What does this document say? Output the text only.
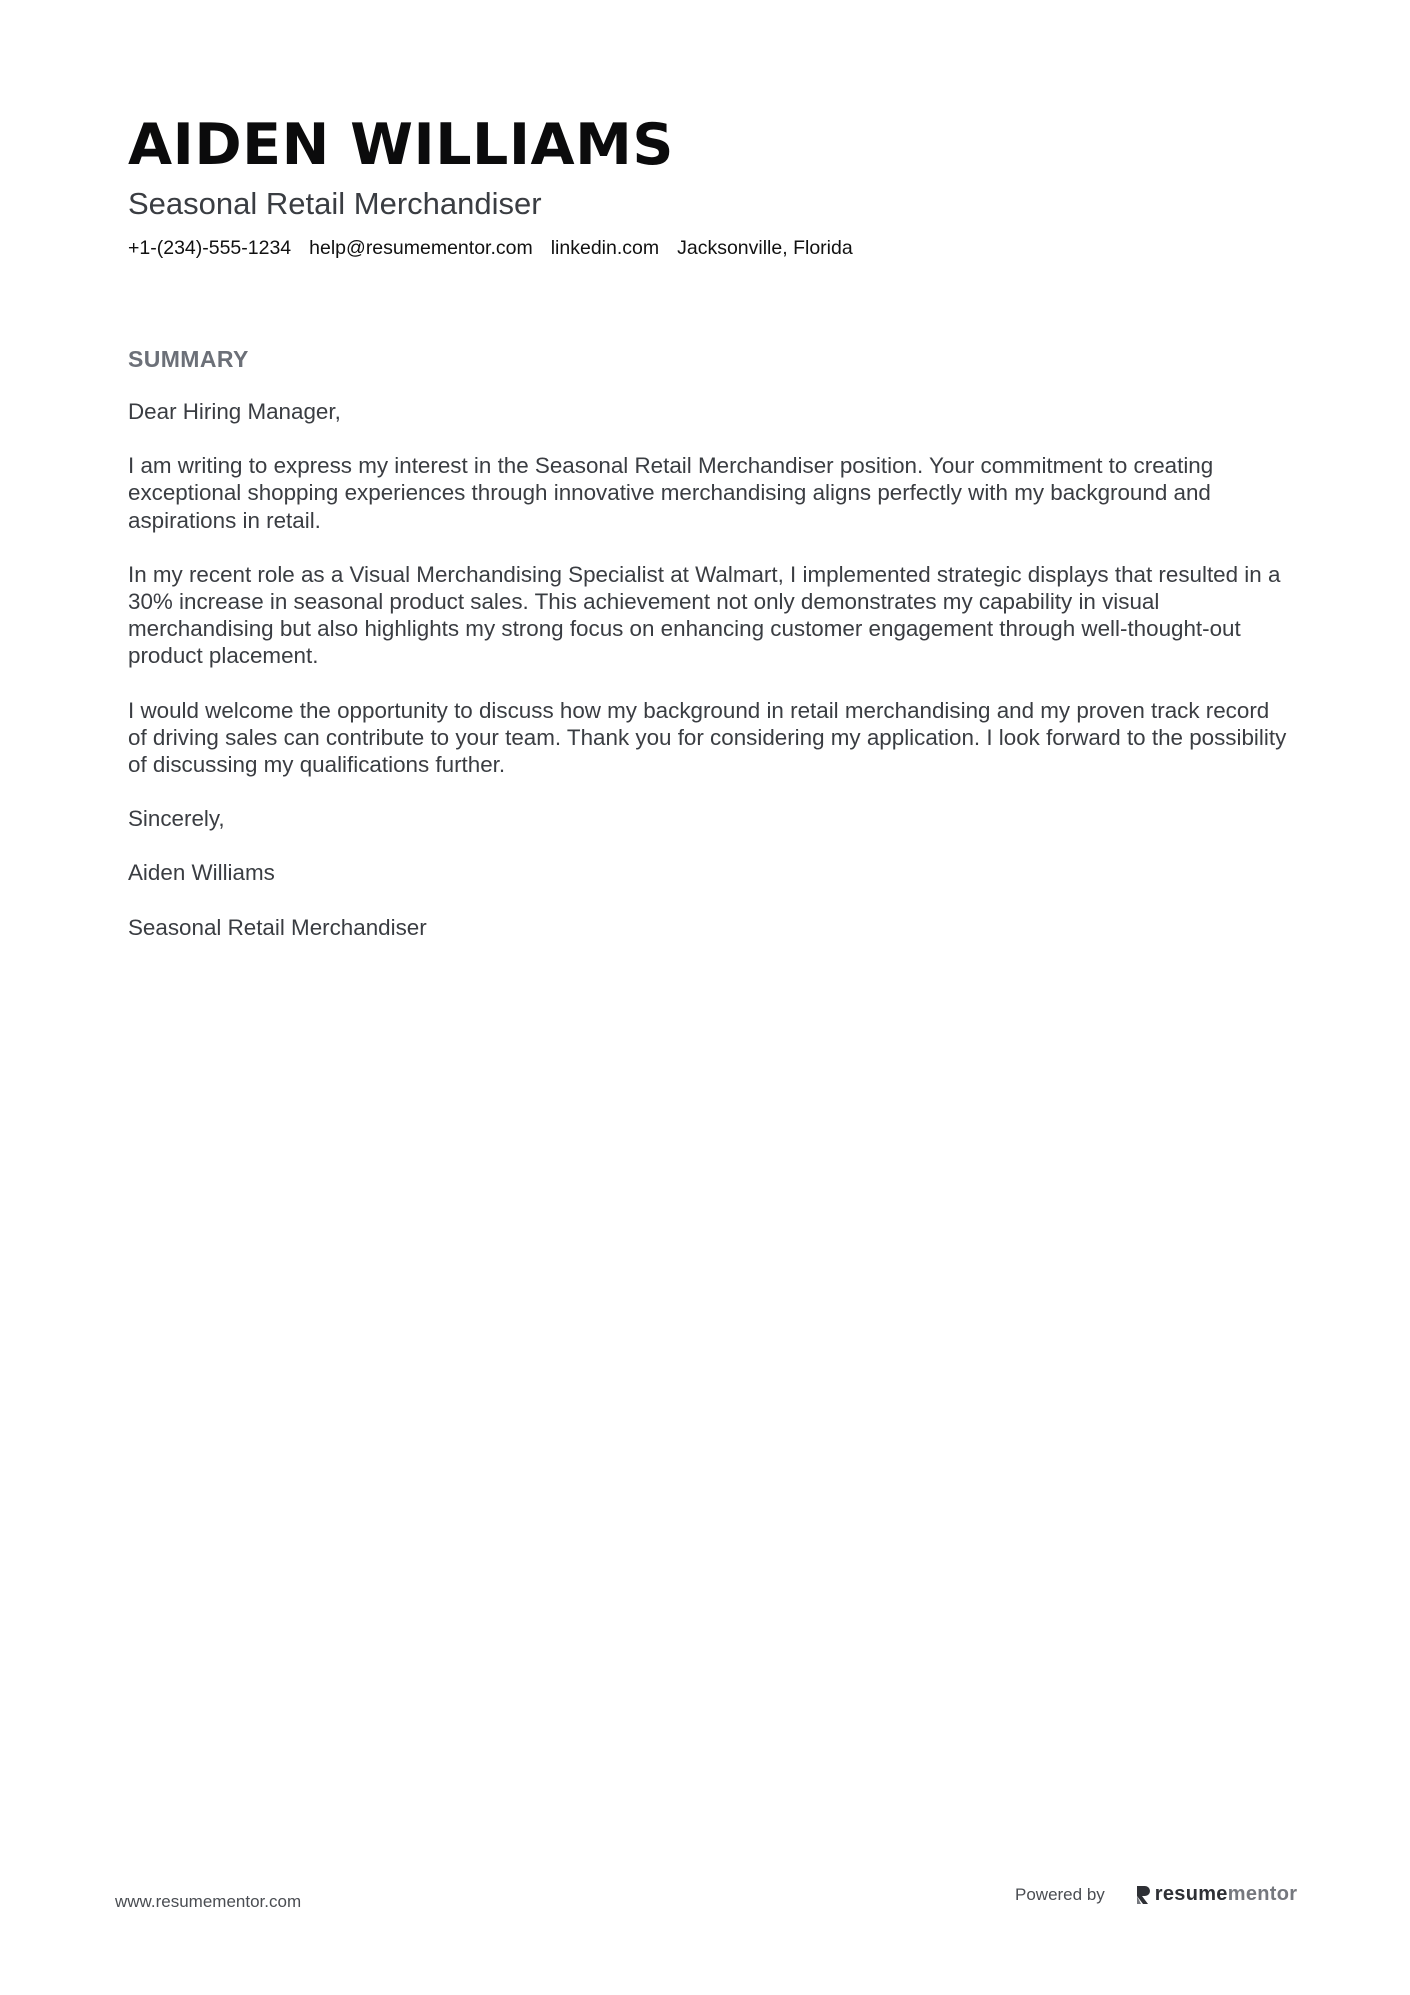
AIDEN WILLIAMS
Seasonal Retail Merchandiser
+1-(234)-555-1234 help@resumementor.com linkedin.com Jacksonville, Florida
SUMMARY

Dear Hiring Manager,

I am writing to express my interest in the Seasonal Retail Merchandiser position. Your commitment to creating exceptional shopping experiences through innovative merchandising aligns perfectly with my background and aspirations in retail.

In my recent role as a Visual Merchandising Specialist at Walmart, I implemented strategic displays that resulted in a 30% increase in seasonal product sales. This achievement not only demonstrates my capability in visual merchandising but also highlights my strong focus on enhancing customer engagement through well-thought-out product placement.

I would welcome the opportunity to discuss how my background in retail merchandising and my proven track record of driving sales can contribute to your team. Thank you for considering my application. I look forward to the possibility of discussing my qualifications further.

Sincerely,

Aiden Williams

Seasonal Retail Merchandiser

www.resumementor.com	Powered by	resume mentor
